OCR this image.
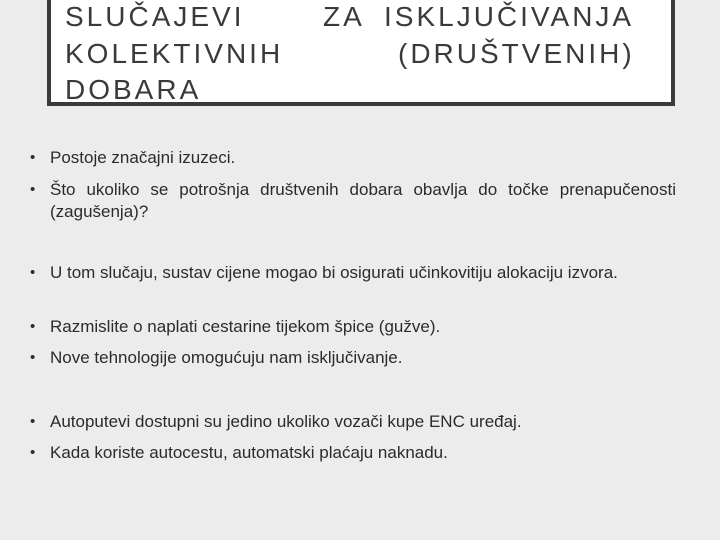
SLUČAJEVI	ZA ISKLJUČIVANJA
KOLEKTIVNIH	(DRUŠTVENIH)
DOBARA
• Postoje značajni izuzeci.
• Što ukoliko se potrošnja društvenih dobara obavlja do točke prenapučenosti (zagušenja)?
• U tom slučaju, sustav cijene mogao bi osigurati učinkovitiju alokaciju izvora.
• Razmislite o naplati cestarine tijekom špice (gužve).
• Nove tehnologije omogućuju nam isključivanje.
• Autoputevi dostupni su jedino ukoliko vozači kupe ENC uređaj.
• Kada koriste autocestu, automatski plaćaju naknadu.
